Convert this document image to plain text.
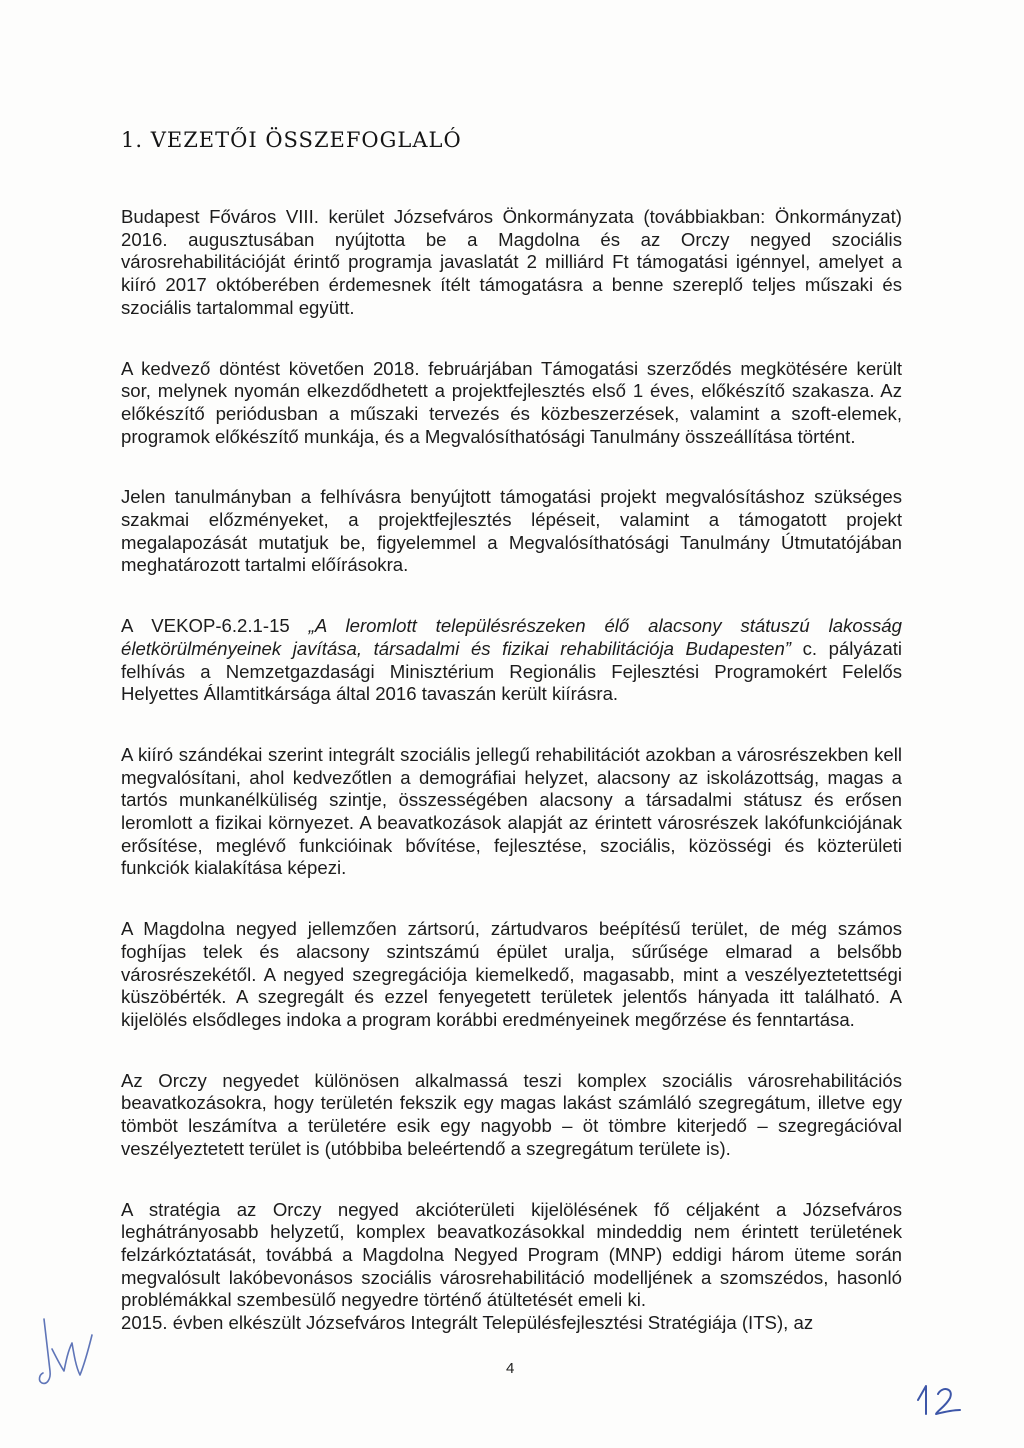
1. VEZETŐI ÖSSZEFOGLALÓ

Budapest Főváros VIII. kerület Józsefváros Önkormányzata (továbbiakban: Önkormányzat) 2016. augusztusában nyújtotta be a Magdolna és az Orczy negyed szociális városrehabilitációját érintő programja javaslatát 2 milliárd Ft támogatási igénnyel, amelyet a kiíró 2017 októberében érdemesnek ítélt támogatásra a benne szereplő teljes műszaki és szociális tartalommal együtt.

A kedvező döntést követően 2018. februárjában Támogatási szerződés megkötésére került sor, melynek nyomán elkezdődhetett a projektfejlesztés első 1 éves, előkészítő szakasza. Az előkészítő periódusban a műszaki tervezés és közbeszerzések, valamint a szoft-elemek, programok előkészítő munkája, és a Megvalósíthatósági Tanulmány összeállítása történt.

Jelen tanulmányban a felhívásra benyújtott támogatási projekt megvalósításhoz szükséges szakmai előzményeket, a projektfejlesztés lépéseit, valamint a támogatott projekt megalapozását mutatjuk be, figyelemmel a Megvalósíthatósági Tanulmány Útmutatójában meghatározott tartalmi előírásokra.

A VEKOP-6.2.1-15 „A leromlott településrészeken élő alacsony státuszú lakosság életkörülményeinek javítása, társadalmi és fizikai rehabilitációja Budapesten” c. pályázati felhívás a Nemzetgazdasági Minisztérium Regionális Fejlesztési Programokért Felelős Helyettes Államtitkársága által 2016 tavaszán került kiírásra.

A kiíró szándékai szerint integrált szociális jellegű rehabilitációt azokban a városrészekben kell megvalósítani, ahol kedvezőtlen a demográfiai helyzet, alacsony az iskolázottság, magas a tartós munkanélküliség szintje, összességében alacsony a társadalmi státusz és erősen leromlott a fizikai környezet. A beavatkozások alapját az érintett városrészek lakófunkciójának erősítése, meglévő funkcióinak bővítése, fejlesztése, szociális, közösségi és közterületi funkciók kialakítása képezi.

A Magdolna negyed jellemzően zártsorú, zártudvaros beépítésű terület, de még számos foghíjas telek és alacsony szintszámú épület uralja, sűrűsége elmarad a belsőbb városrészekétől. A negyed szegregációja kiemelkedő, magasabb, mint a veszélyeztetettségi küszöbérték. A szegregált és ezzel fenyegetett területek jelentős hányada itt található. A kijelölés elsődleges indoka a program korábbi eredményeinek megőrzése és fenntartása.

Az Orczy negyedet különösen alkalmassá teszi komplex szociális városrehabilitációs beavatkozásokra, hogy területén fekszik egy magas lakást számláló szegregátum, illetve egy tömböt leszámítva a területére esik egy nagyobb – öt tömbre kiterjedő – szegregációval veszélyeztetett terület is (utóbbiba beleértendő a szegregátum területe is).

A stratégia az Orczy negyed akcióterületi kijelölésének fő céljaként a Józsefváros leghátrányosabb helyzetű, komplex beavatkozásokkal mindeddig nem érintett területének felzárkóztatását, továbbá a Magdolna Negyed Program (MNP) eddigi három üteme során megvalósult lakóbevonásos szociális városrehabilitáció modelljének a szomszédos, hasonló problémákkal szembesülő negyedre történő átültetését emeli ki.

2015. évben elkészült Józsefváros Integrált Településfejlesztési Stratégiája (ITS), az

4
